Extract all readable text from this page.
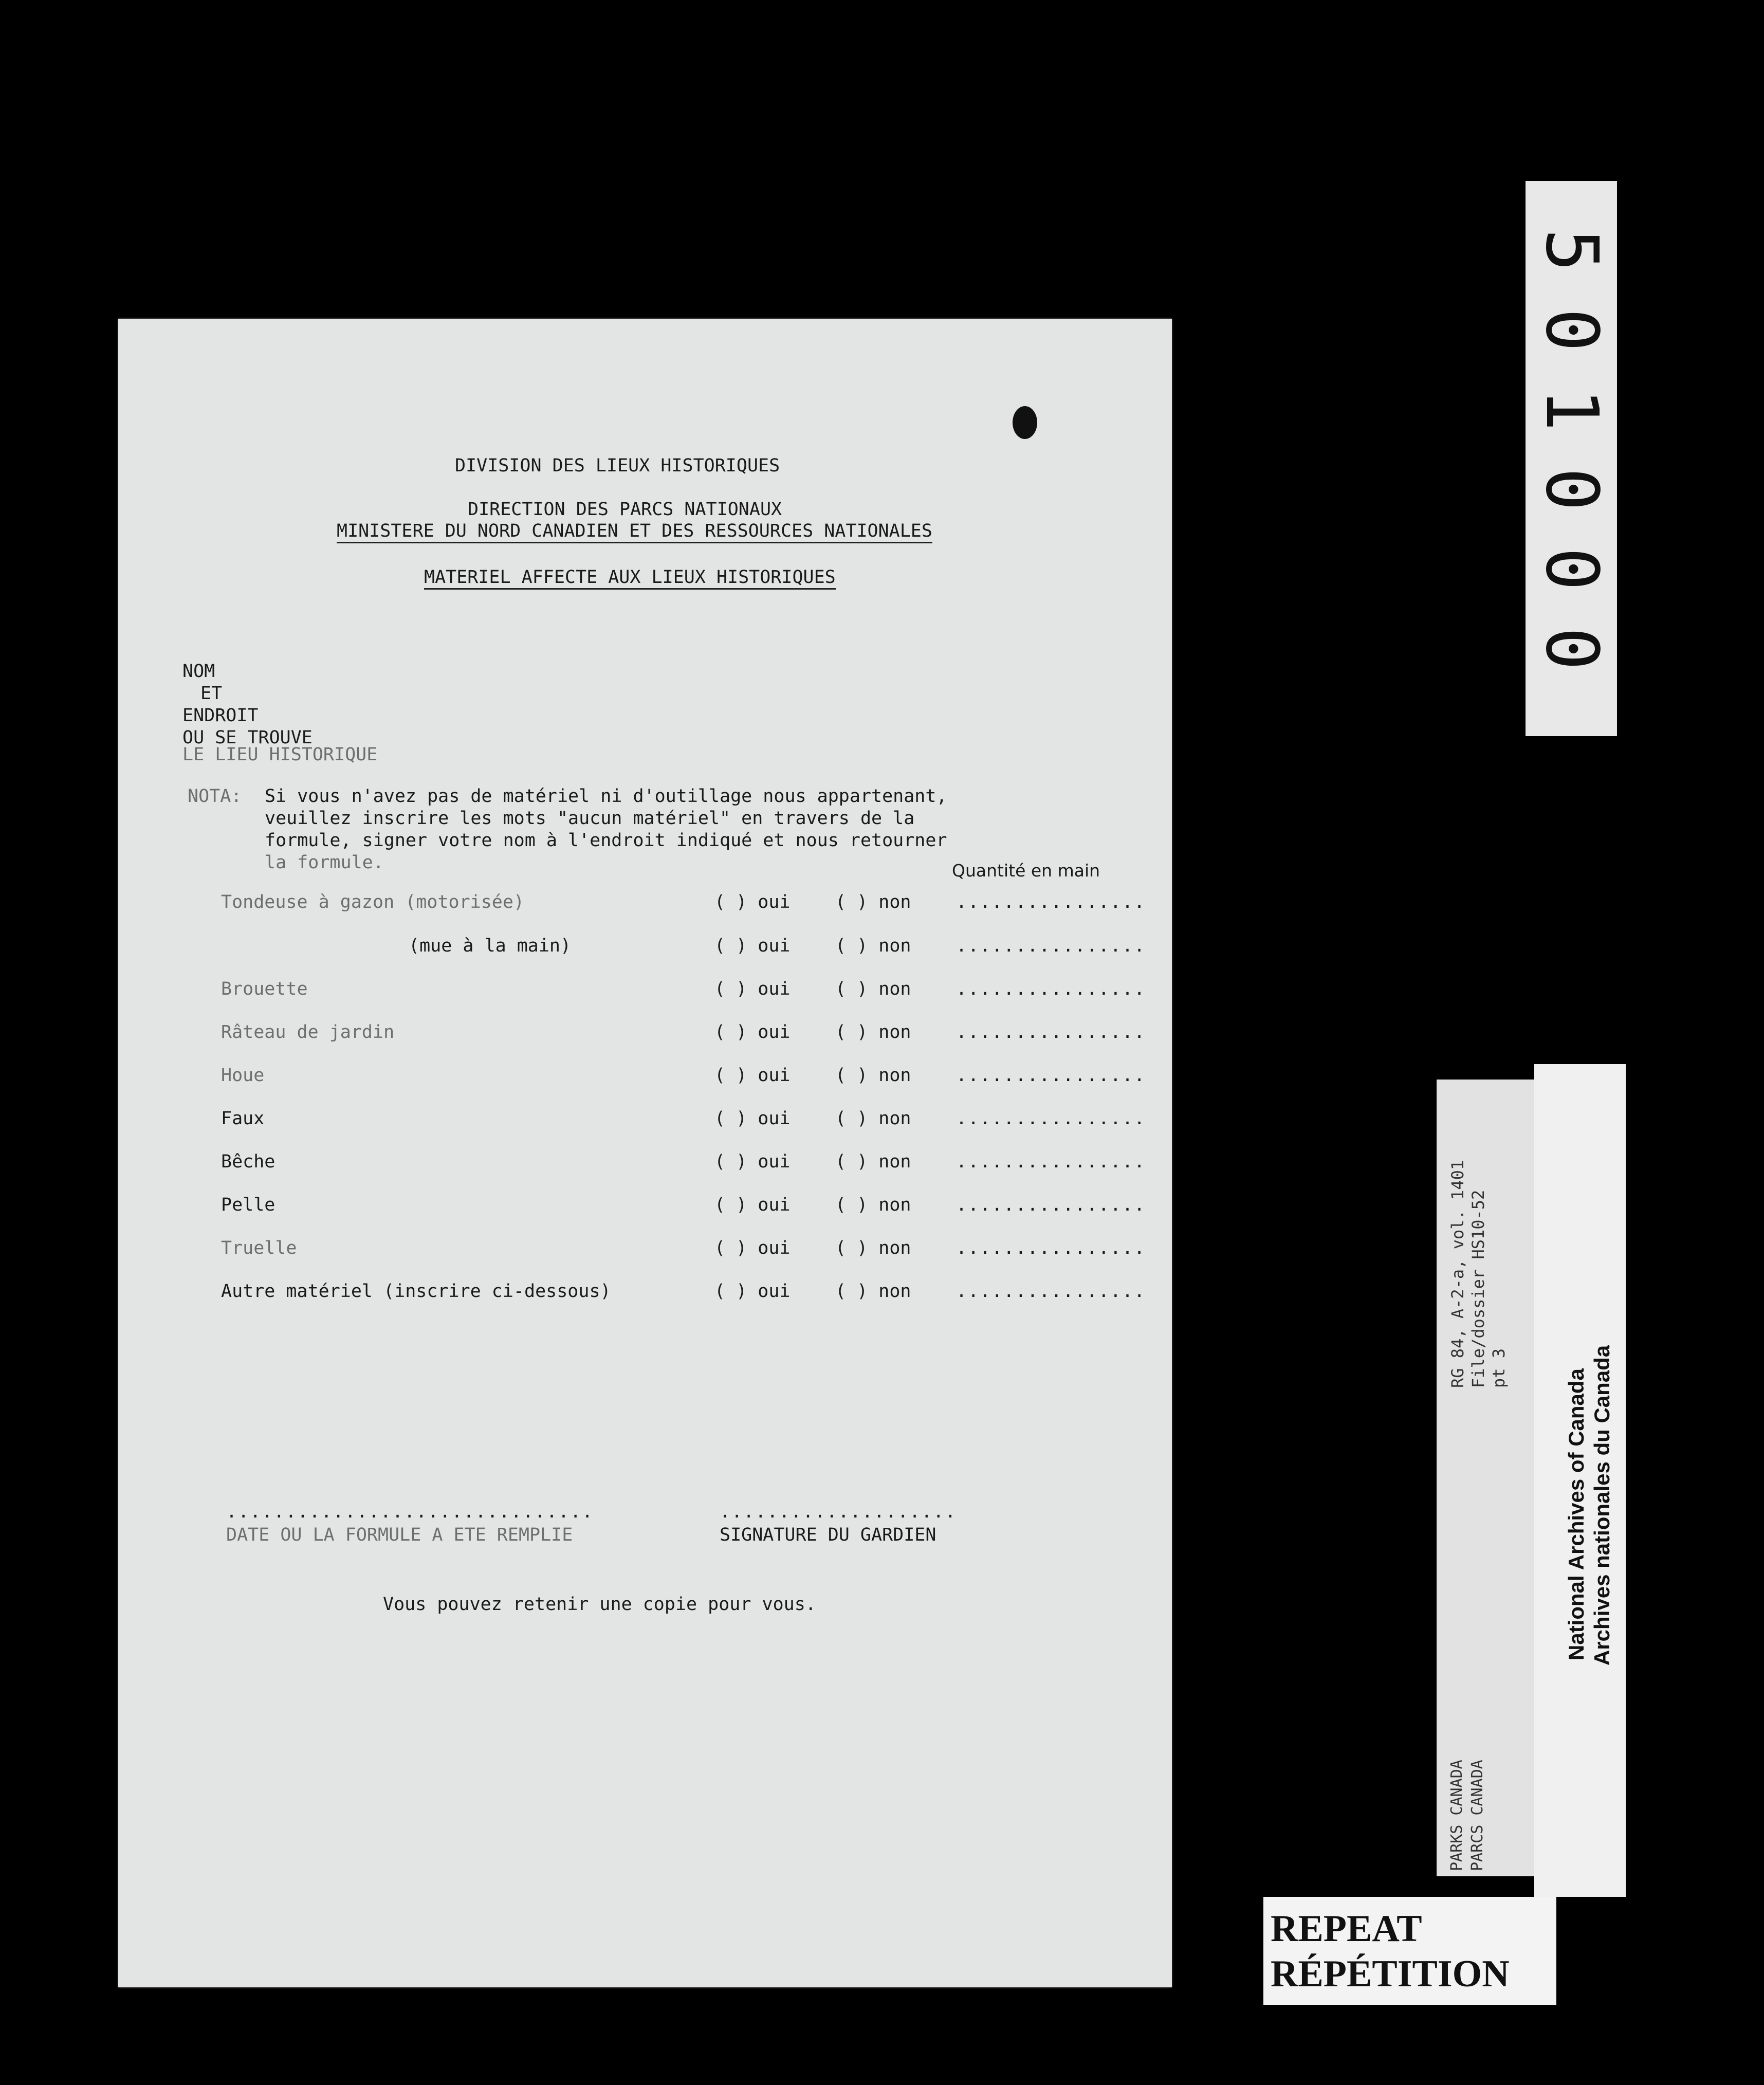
DIVISION DES LIEUX HISTORIQUES
DIRECTION DES PARCS NATIONAUX
MINISTERE DU NORD CANADIEN ET DES RESSOURCES NATIONALES
MATERIEL AFFECTE AUX LIEUX HISTORIQUES
NOM
ET
ENDROIT
OU SE TROUVE
LE LIEU HISTORIQUE
NOTA: Si vous n'avez pas de matériel ni d'outillage nous appartenant,
veuillez inscrire les mots "aucun matériel" en travers de la
formule, signer votre nom à l'endroit indiqué et nous retourner
la formule.	Quantité en main
Tondeuse à gazon (motorisée)	( ) oui ( ) non ................
(mue à la main)	( ) oui ( ) non ................
Brouette	( ) oui ( ) non ................
Râteau de jardin	( ) oui ( ) non ................
Houe	( ) oui ( ) non ................
Faux	( ) oui ( ) non ................
Bêche	( ) oui ( ) non ................
Pelle	( ) oui ( ) non ................
Truelle	( ) oui ( ) non ................
Autre matériel (inscrire ci-dessous)	( ) oui ( ) non ................
...............................
DATE OU LA FORMULE A ETE REMPLIE
....................
SIGNATURE DU GARDIEN
Vous pouvez retenir une copie pour vous.
5
0
1
0
0
0
RG 84, A-2-a, vol. 1401 File/dossier HS10-52 pt 3
PARKS CANADA PARCS CANADA
National Archives of Canada Archives nationales du Canada
REPEAT
RÉPÉTITION
